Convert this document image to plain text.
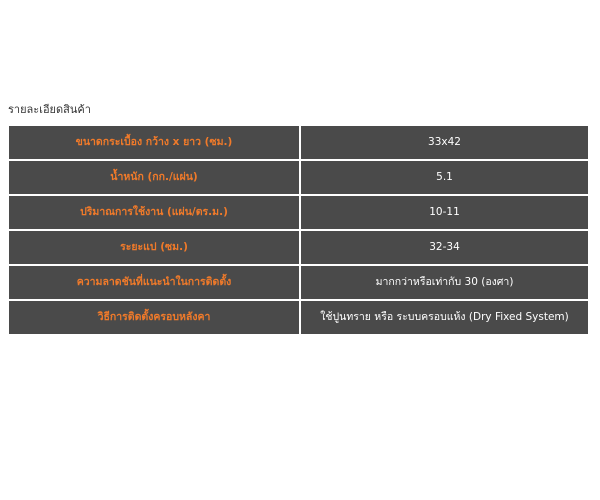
รายละเอียดสินค้า
ขนาดกระเบื้อง กว้าง x ยาว (ซม.)	33x42
น้ำหนัก (กก./แผ่น)	5.1
ปริมาณการใช้งาน (แผ่น/ตร.ม.)	10-11
ระยะแป (ซม.)	32-34
ความลาดชันที่แนะนำในการติดตั้ง	มากกว่าหรือเท่ากับ 30 (องศา)
วิธีการติดตั้งครอบหลังคา	ใช้ปูนทราย หรือ ระบบครอบแห้ง (Dry Fixed System)
